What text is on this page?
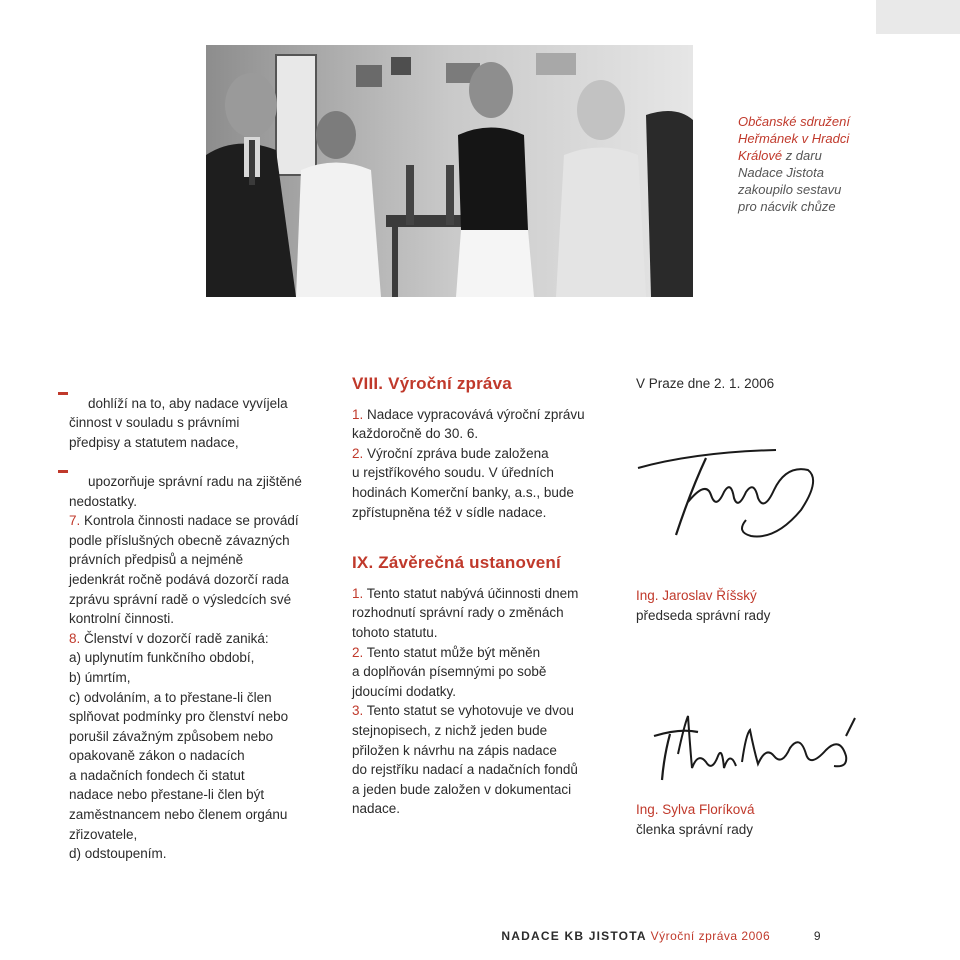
Občanské sdružení
Heřmánek v Hradci
Králové z daru
Nadace Jistota
zakoupilo sestavu
pro nácvik chůze
dohlíží na to, aby nadace vyvíjela
činnost v souladu s právními
předpisy a statutem nadace,
upozorňuje správní radu na zjištěné
nedostatky.
7. Kontrola činnosti nadace se provádí
podle příslušných obecně závazných
právních předpisů a nejméně
jedenkrát ročně podává dozorčí rada
zprávu správní radě o výsledcích své
kontrolní činnosti.
8. Členství v dozorčí radě zaniká:
a) uplynutím funkčního období,
b) úmrtím,
c) odvoláním, a to přestane-li člen
splňovat podmínky pro členství nebo
porušil závažným způsobem nebo
opakovaně zákon o nadacích
a nadačních fondech či statut
nadace nebo přestane-li člen být
zaměstnancem nebo členem orgánu
zřizovatele,
d) odstoupením.
VIII. Výroční zpráva
1. Nadace vypracovává výroční zprávu
každoročně do 30. 6.
2. Výroční zpráva bude založena
u rejstříkového soudu. V úředních
hodinách Komerční banky, a.s., bude
zpřístupněna též v sídle nadace.
IX. Závěrečná ustanovení
1. Tento statut nabývá účinnosti dnem
rozhodnutí správní rady o změnách
tohoto statutu.
2. Tento statut může být měněn
a doplňován písemnými po sobě
jdoucími dodatky.
3. Tento statut se vyhotovuje ve dvou
stejnopisech, z nichž jeden bude
přiložen k návrhu na zápis nadace
do rejstříku nadací a nadačních fondů
a jeden bude založen v dokumentaci
nadace.
V Praze dne 2. 1. 2006
Ing. Jaroslav Říšský
předseda správní rady
Ing. Sylva Floríková
členka správní rady
NADACE KB JISTOTA Výroční zpráva 2006	9
